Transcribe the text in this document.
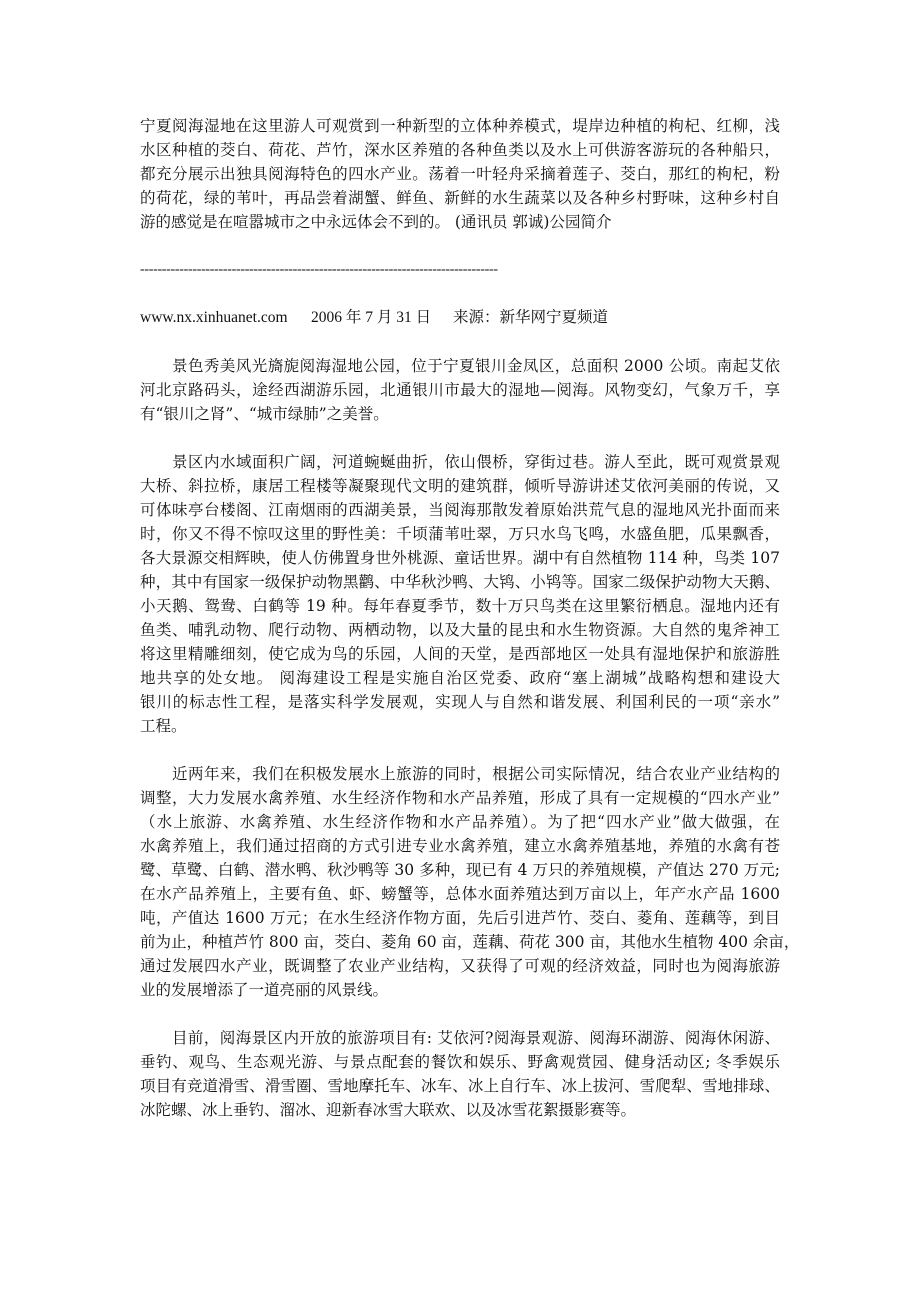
宁夏阅海湿地在这里游人可观赏到一种新型的立体种养模式，堤岸边种植的枸杞、红柳，浅
水区种植的茭白、荷花、芦竹，深水区养殖的各种鱼类以及水上可供游客游玩的各种船只，
都充分展示出独具阅海特色的四水产业。荡着一叶轻舟采摘着莲子、茭白，那红的枸杞，粉
的荷花，绿的苇叶，再品尝着湖蟹、鲜鱼、新鲜的水生蔬菜以及各种乡村野味，这种乡村自
游的感觉是在喧嚣城市之中永远体会不到的。 (通讯员 郭诚)公园简介
----------------------------------------------------------------------------------
www.nx.xinhuanet.com 2006 年 7 月 31 日 来源：新华网宁夏频道
景色秀美风光旖旎阅海湿地公园，位于宁夏银川金凤区，总面积 2000 公顷。南起艾依
河北京路码头，途经西湖游乐园，北通银川市最大的湿地—阅海。风物变幻，气象万千，享
有“银川之肾”、“城市绿肺”之美誉。
景区内水域面积广阔，河道蜿蜒曲折，依山偎桥，穿街过巷。游人至此，既可观赏景观
大桥、斜拉桥，康居工程楼等凝聚现代文明的建筑群，倾听导游讲述艾依河美丽的传说，又
可体味亭台楼阁、江南烟雨的西湖美景，当阅海那散发着原始洪荒气息的湿地风光扑面而来
时，你又不得不惊叹这里的野性美：千顷蒲苇吐翠，万只水鸟飞鸣，水盛鱼肥，瓜果飘香，
各大景源交相辉映，使人仿佛置身世外桃源、童话世界。湖中有自然植物 114 种，鸟类 107
种，其中有国家一级保护动物黑鹳、中华秋沙鸭、大鸨、小鸨等。国家二级保护动物大天鹅、
小天鹅、鸳鸯、白鹤等 19 种。每年春夏季节，数十万只鸟类在这里繁衍栖息。湿地内还有
鱼类、哺乳动物、爬行动物、两栖动物，以及大量的昆虫和水生物资源。大自然的鬼斧神工
将这里精雕细刻，使它成为鸟的乐园，人间的天堂，是西部地区一处具有湿地保护和旅游胜
地共享的处女地。 阅海建设工程是实施自治区党委、政府“塞上湖城”战略构想和建设大
银川的标志性工程，是落实科学发展观，实现人与自然和谐发展、利国利民的一项“亲水”
工程。
近两年来，我们在积极发展水上旅游的同时，根据公司实际情况，结合农业产业结构的
调整，大力发展水禽养殖、水生经济作物和水产品养殖，形成了具有一定规模的“四水产业”
（水上旅游、水禽养殖、水生经济作物和水产品养殖）。为了把“四水产业”做大做强，在
水禽养殖上，我们通过招商的方式引进专业水禽养殖，建立水禽养殖基地，养殖的水禽有苍
鹭、草鹭、白鹤、潜水鸭、秋沙鸭等 30 多种，现已有 4 万只的养殖规模，产值达 270 万元;
在水产品养殖上，主要有鱼、虾、螃蟹等，总体水面养殖达到万亩以上，年产水产品 1600
吨，产值达 1600 万元；在水生经济作物方面，先后引进芦竹、茭白、菱角、莲藕等，到目
前为止，种植芦竹 800 亩，茭白、菱角 60 亩，莲藕、荷花 300 亩，其他水生植物 400 余亩，
通过发展四水产业，既调整了农业产业结构，又获得了可观的经济效益，同时也为阅海旅游
业的发展增添了一道亮丽的风景线。
目前，阅海景区内开放的旅游项目有: 艾依河?阅海景观游、阅海环湖游、阅海休闲游、
垂钓、观鸟、生态观光游、与景点配套的餐饮和娱乐、野禽观赏园、健身活动区; 冬季娱乐
项目有竞道滑雪、滑雪圈、雪地摩托车、冰车、冰上自行车、冰上拔河、雪爬犁、雪地排球、
冰陀螺、冰上垂钓、溜冰、迎新春冰雪大联欢、以及冰雪花絮摄影赛等。
